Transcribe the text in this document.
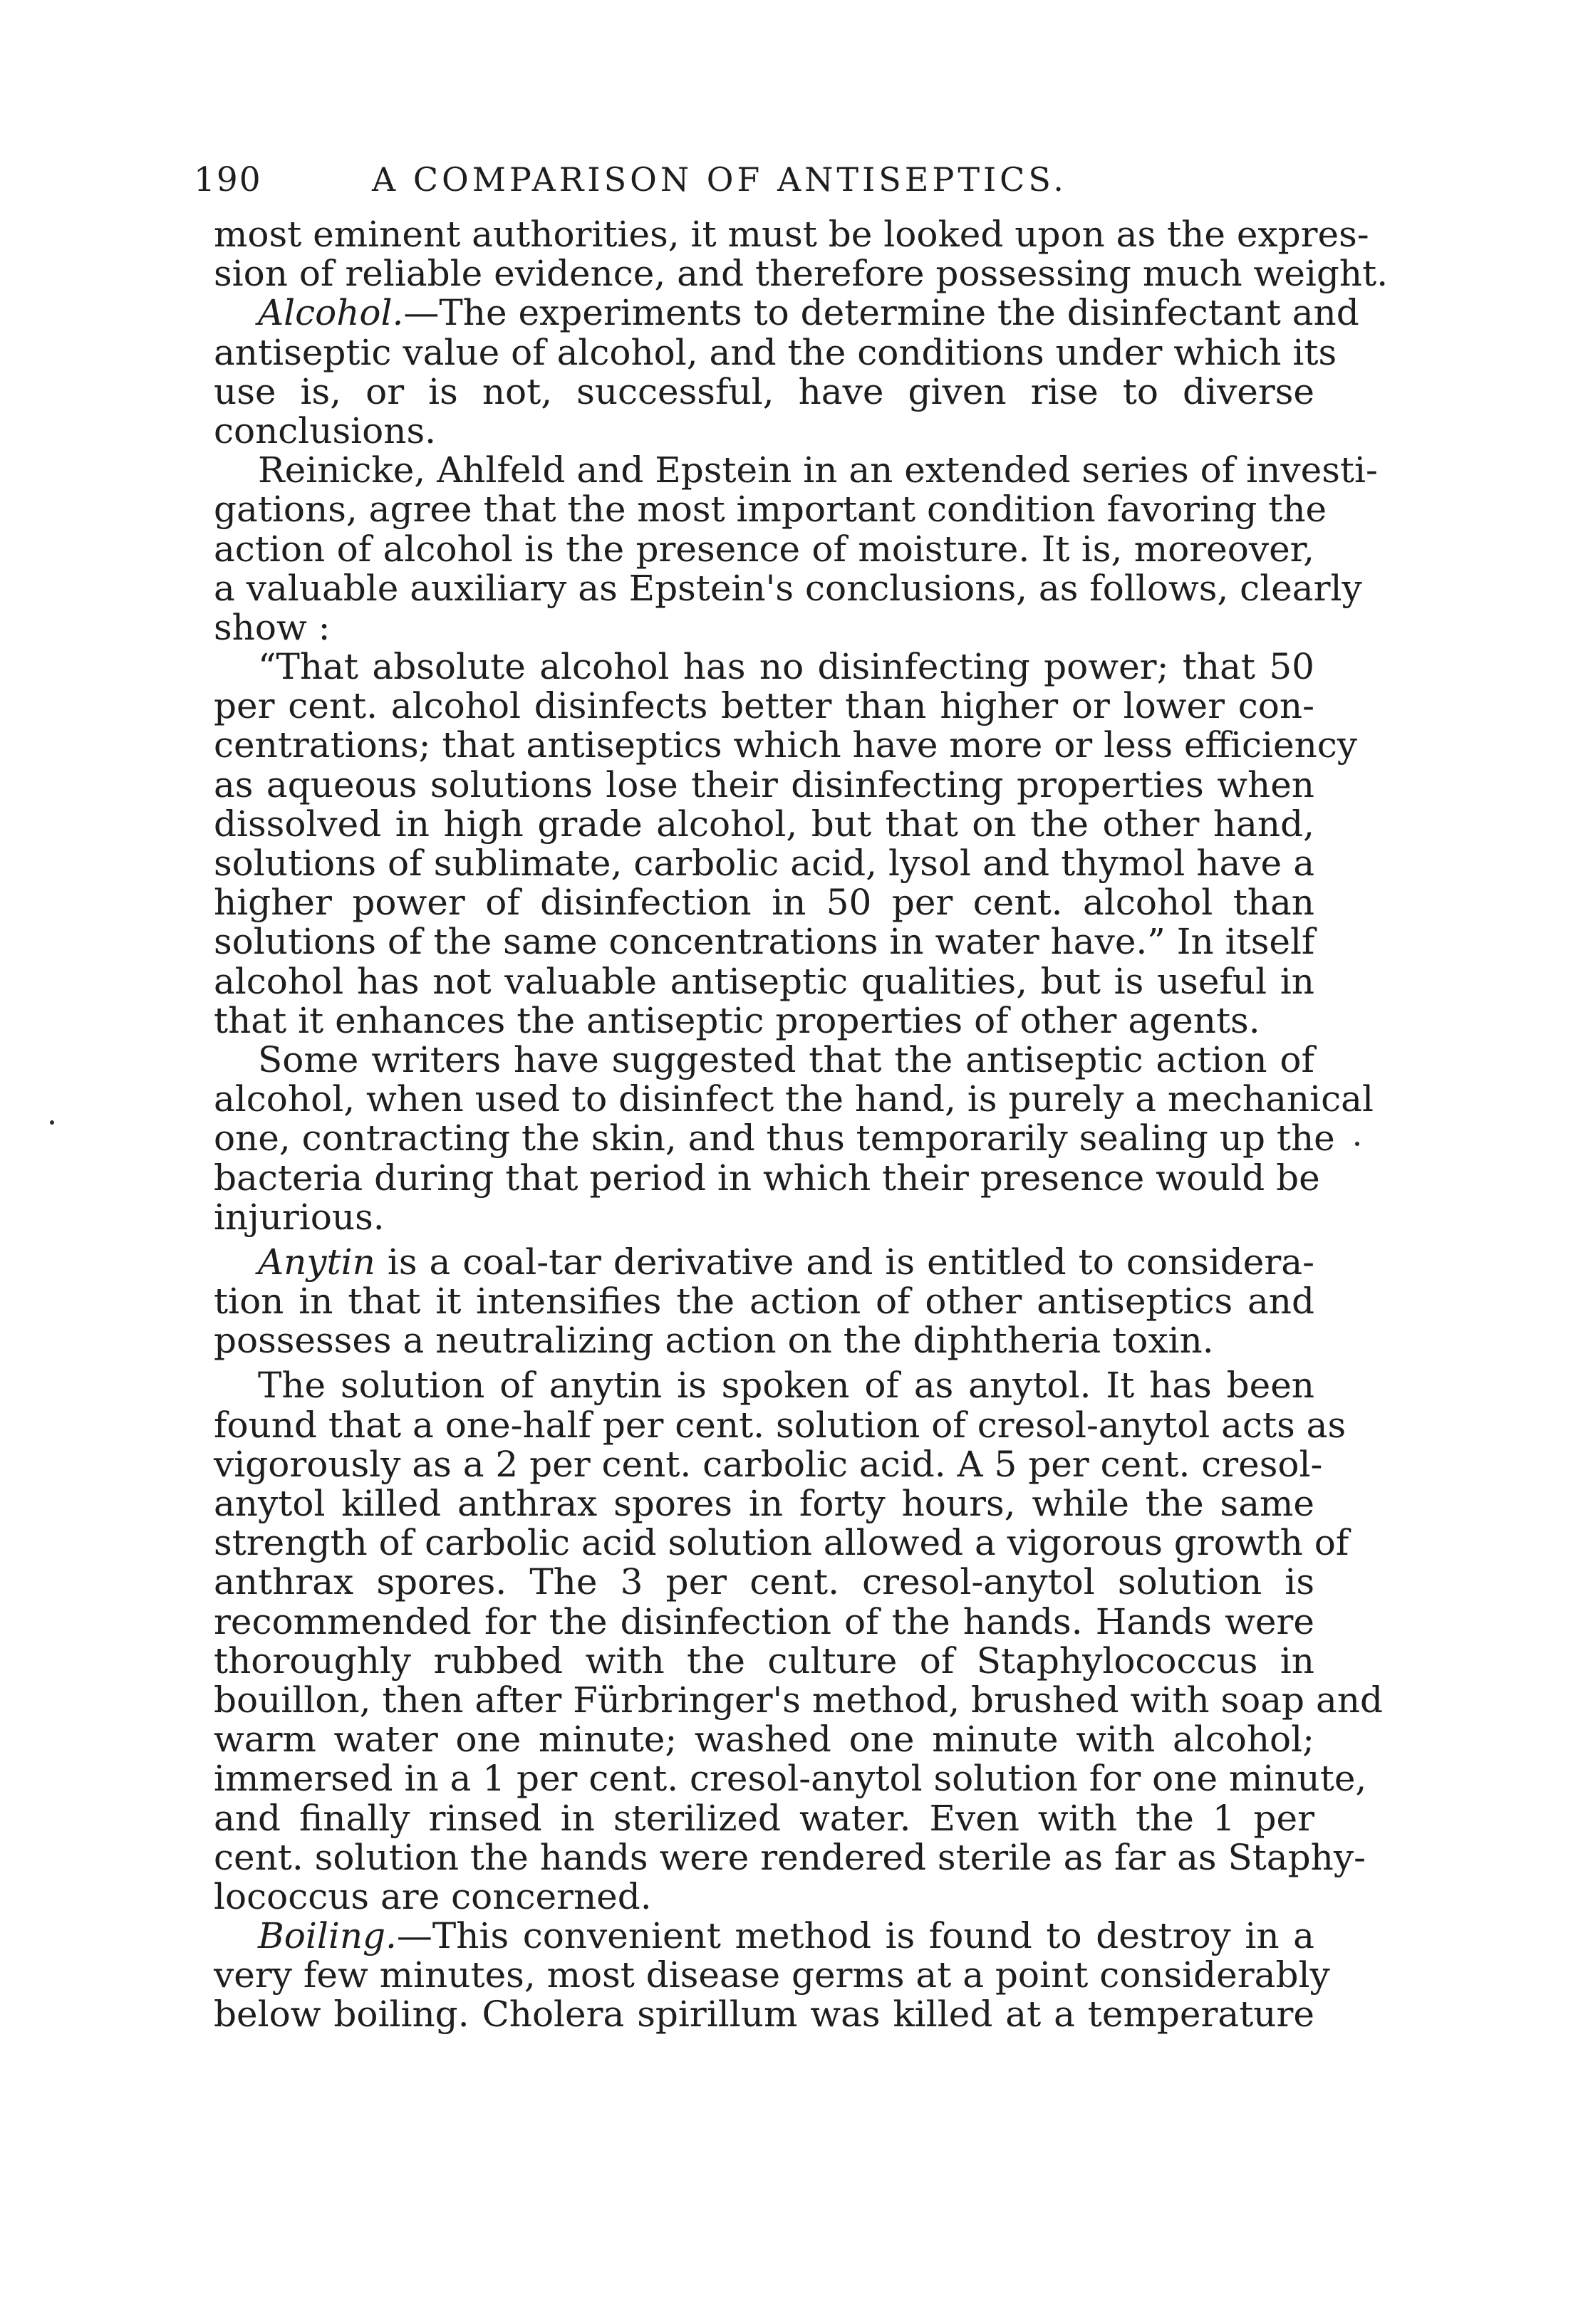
190	A COMPARISON OF ANTISEPTICS.
most eminent authorities, it must be looked upon as the expres-
sion of reliable evidence, and therefore possessing much weight.
Alcohol.—The experiments to determine the disinfectant and
antiseptic value of alcohol, and the conditions under which its
use is, or is not, successful, have given rise to diverse
conclusions.
Reinicke, Ahlfeld and Epstein in an extended series of investi-
gations, agree that the most important condition favoring the
action of alcohol is the presence of moisture. It is, moreover,
a valuable auxiliary as Epstein's conclusions, as follows, clearly
show :
“That absolute alcohol has no disinfecting power; that 50
per cent. alcohol disinfects better than higher or lower con-
centrations; that antiseptics which have more or less efficiency
as aqueous solutions lose their disinfecting properties when
dissolved in high grade alcohol, but that on the other hand,
solutions of sublimate, carbolic acid, lysol and thymol have a
higher power of disinfection in 50 per cent. alcohol than
solutions of the same concentrations in water have.” In itself
alcohol has not valuable antiseptic qualities, but is useful in
that it enhances the antiseptic properties of other agents.
Some writers have suggested that the antiseptic action of
alcohol, when used to disinfect the hand, is purely a mechanical
one, contracting the skin, and thus temporarily sealing up the
bacteria during that period in which their presence would be
injurious.
Anytin is a coal-tar derivative and is entitled to considera-
tion in that it intensifies the action of other antiseptics and
possesses a neutralizing action on the diphtheria toxin.
The solution of anytin is spoken of as anytol. It has been
found that a one-half per cent. solution of cresol-anytol acts as
vigorously as a 2 per cent. carbolic acid. A 5 per cent. cresol-
anytol killed anthrax spores in forty hours, while the same
strength of carbolic acid solution allowed a vigorous growth of
anthrax spores. The 3 per cent. cresol-anytol solution is
recommended for the disinfection of the hands. Hands were
thoroughly rubbed with the culture of Staphylococcus in
bouillon, then after Fürbringer's method, brushed with soap and
warm water one minute; washed one minute with alcohol;
immersed in a 1 per cent. cresol-anytol solution for one minute,
and finally rinsed in sterilized water. Even with the 1 per
cent. solution the hands were rendered sterile as far as Staphy-
lococcus are concerned.
Boiling.—This convenient method is found to destroy in a
very few minutes, most disease germs at a point considerably
below boiling. Cholera spirillum was killed at a temperature
